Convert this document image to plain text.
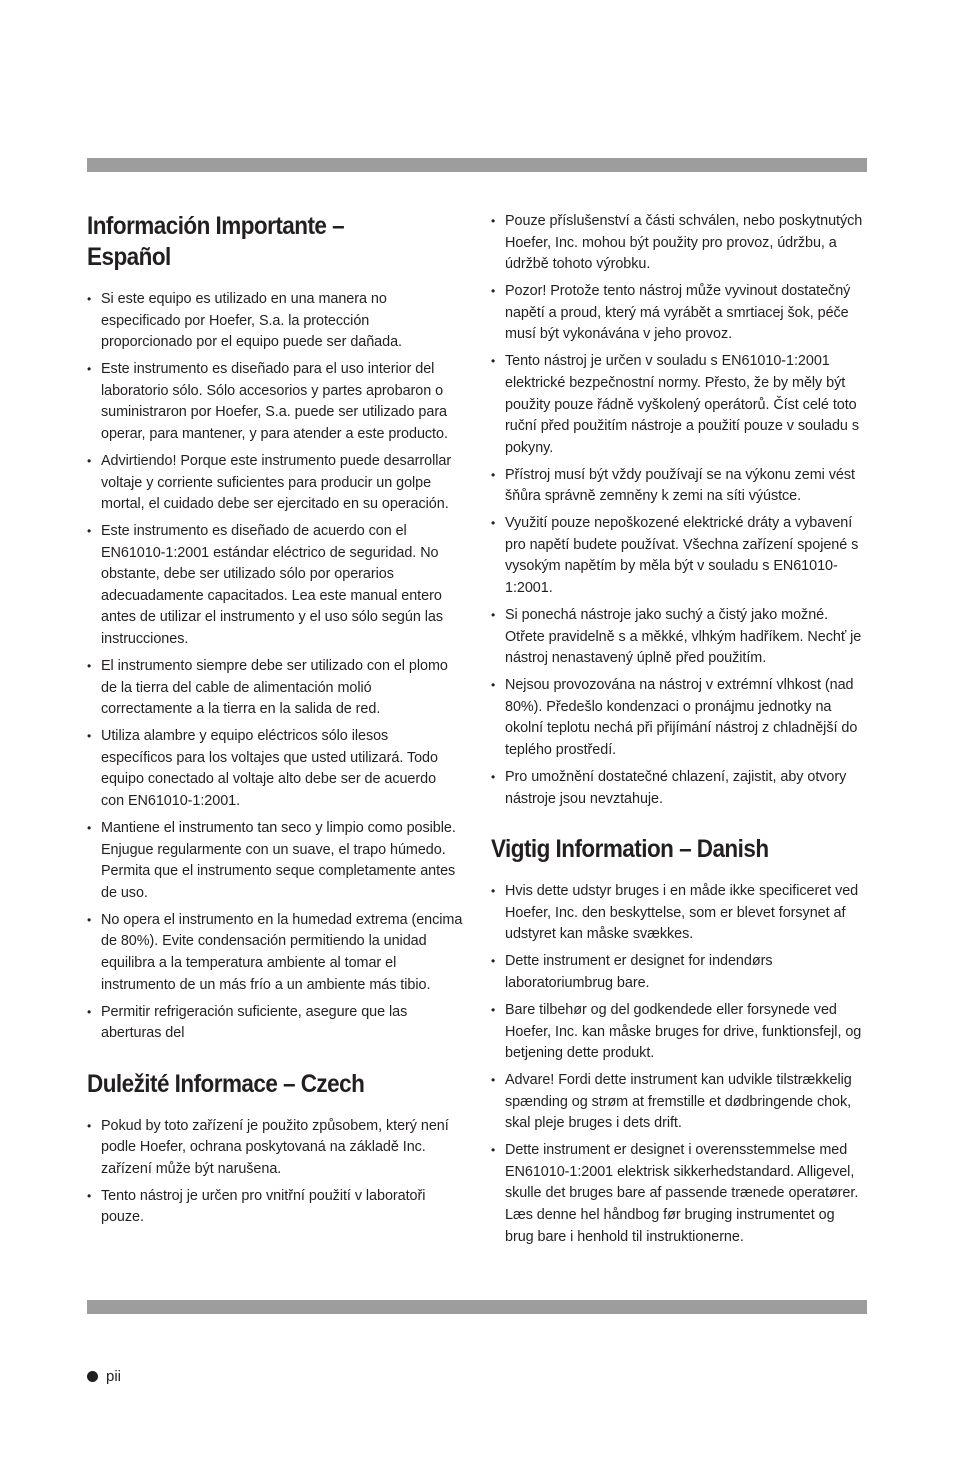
Información Importante –
Español
• Si este equipo es utilizado en una manera no especificado por Hoefer, S.a. la protección proporcionado por el equipo puede ser dañada.
• Este instrumento es diseñado para el uso interior del laboratorio sólo. Sólo accesorios y partes aprobaron o suministraron por Hoefer, S.a. puede ser utilizado para operar, para mantener, y para atender a este producto.
• Advirtiendo! Porque este instrumento puede desarrollar voltaje y corriente suficientes para producir un golpe mortal, el cuidado debe ser ejercitado en su operación.
• Este instrumento es diseñado de acuerdo con el EN61010-1:2001 estándar eléctrico de seguridad. No obstante, debe ser utilizado sólo por operarios adecuadamente capacitados. Lea este manual entero antes de utilizar el instrumento y el uso sólo según las instrucciones.
• El instrumento siempre debe ser utilizado con el plomo de la tierra del cable de alimentación molió correctamente a la tierra en la salida de red.
• Utiliza alambre y equipo eléctricos sólo ilesos específicos para los voltajes que usted utilizará. Todo equipo conectado al voltaje alto debe ser de acuerdo con EN61010-1:2001.
• Mantiene el instrumento tan seco y limpio como posible. Enjugue regularmente con un suave, el trapo húmedo. Permita que el instrumento seque completamente antes de uso.
• No opera el instrumento en la humedad extrema (encima de 80%). Evite condensación permitiendo la unidad equilibra a la temperatura ambiente al tomar el instrumento de un más frío a un ambiente más tibio.
• Permitir refrigeración suficiente, asegure que las aberturas del
Duležité Informace – Czech
• Pokud by toto zařízení je použito způsobem, který není podle Hoefer, ochrana poskytovaná na základě Inc. zařízení může být narušena.
• Tento nástroj je určen pro vnitřní použití v laboratoři pouze.
• Pouze příslušenství a části schválen, nebo poskytnutých Hoefer, Inc. mohou být použity pro provoz, údržbu, a údržbě tohoto výrobku.
• Pozor! Protože tento nástroj může vyvinout dostatečný napětí a proud, který má vyrábět a smrtiacej šok, péče musí být vykonávána v jeho provoz.
• Tento nástroj je určen v souladu s EN61010-1:2001 elektrické bezpečnostní normy. Přesto, že by měly být použity pouze řádně vyškolený operátorů. Číst celé toto ruční před použitím nástroje a použití pouze v souladu s pokyny.
• Přístroj musí být vždy používají se na výkonu zemi vést šňůra správně zemněny k zemi na síti výústce.
• Využití pouze nepoškozené elektrické dráty a vybavení pro napětí budete používat. Všechna zařízení spojené s vysokým napětím by měla být v souladu s EN61010-1:2001.
• Si ponechá nástroje jako suchý a čistý jako možné. Otřete pravidelně s a měkké, vlhkým hadříkem. Nechť je nástroj nenastavený úplně před použitím.
• Nejsou provozována na nástroj v extrémní vlhkost (nad 80%). Předešlo kondenzaci o pronájmu jednotky na okolní teplotu nechá při přijímání nástroj z chladnější do teplého prostředí.
• Pro umožnění dostatečné chlazení, zajistit, aby otvory nástroje jsou nevztahuje.
Vigtig Information – Danish
• Hvis dette udstyr bruges i en måde ikke specificeret ved Hoefer, Inc. den beskyttelse, som er blevet forsynet af udstyret kan måske svækkes.
• Dette instrument er designet for indendørs laboratoriumbrug bare.
• Bare tilbehør og del godkendede eller forsynede ved Hoefer, Inc. kan måske bruges for drive, funktionsfejl, og betjening dette produkt.
• Advare! Fordi dette instrument kan udvikle tilstrækkelig spænding og strøm at fremstille et dødbringende chok, skal pleje bruges i dets drift.
• Dette instrument er designet i overensstemmelse med EN61010-1:2001 elektrisk sikkerhedstandard. Alligevel, skulle det bruges bare af passende trænede operatører. Læs denne hel håndbog før bruging instrumentet og brug bare i henhold til instruktionerne.
pii
